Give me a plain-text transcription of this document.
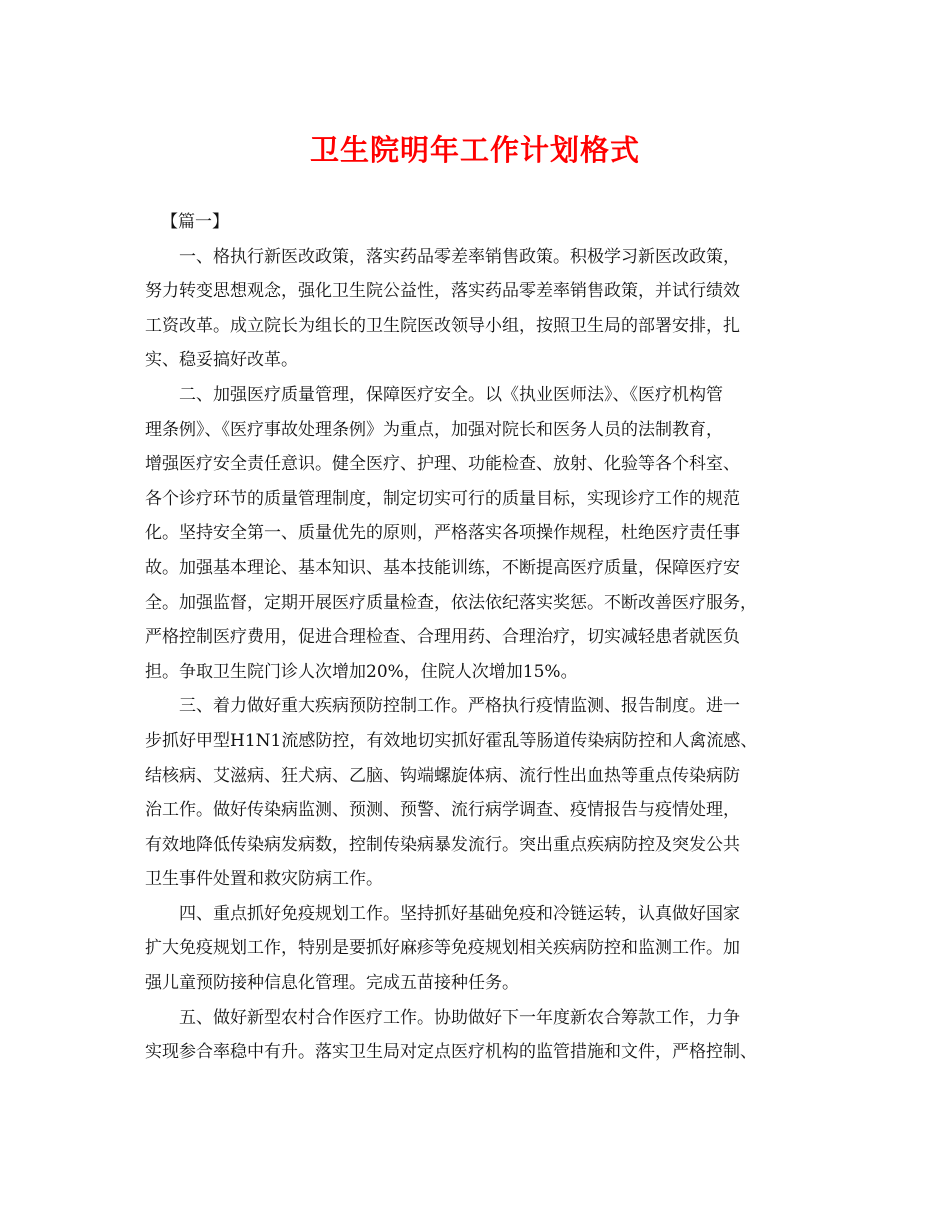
卫生院明年工作计划格式
【篇一】
一、格执行新医改政策，落实药品零差率销售政策。积极学习新医改政策，
努力转变思想观念，强化卫生院公益性，落实药品零差率销售政策，并试行绩效
工资改革。成立院长为组长的卫生院医改领导小组，按照卫生局的部署安排，扎
实、稳妥搞好改革。
二、加强医疗质量管理，保障医疗安全。以《执业医师法》、《医疗机构管
理条例》、《医疗事故处理条例》为重点，加强对院长和医务人员的法制教育，
增强医疗安全责任意识。健全医疗、护理、功能检查、放射、化验等各个科室、
各个诊疗环节的质量管理制度，制定切实可行的质量目标，实现诊疗工作的规范
化。坚持安全第一、质量优先的原则，严格落实各项操作规程，杜绝医疗责任事
故。加强基本理论、基本知识、基本技能训练，不断提高医疗质量，保障医疗安
全。加强监督，定期开展医疗质量检查，依法依纪落实奖惩。不断改善医疗服务，
严格控制医疗费用，促进合理检查、合理用药、合理治疗，切实减轻患者就医负
担。争取卫生院门诊人次增加20%，住院人次增加15%。
三、着力做好重大疾病预防控制工作。严格执行疫情监测、报告制度。进一
步抓好甲型H1N1流感防控，有效地切实抓好霍乱等肠道传染病防控和人禽流感、
结核病、艾滋病、狂犬病、乙脑、钩端螺旋体病、流行性出血热等重点传染病防
治工作。做好传染病监测、预测、预警、流行病学调查、疫情报告与疫情处理，
有效地降低传染病发病数，控制传染病暴发流行。突出重点疾病防控及突发公共
卫生事件处置和救灾防病工作。
四、重点抓好免疫规划工作。坚持抓好基础免疫和冷链运转，认真做好国家
扩大免疫规划工作，特别是要抓好麻疹等免疫规划相关疾病防控和监测工作。加
强儿童预防接种信息化管理。完成五苗接种任务。
五、做好新型农村合作医疗工作。协助做好下一年度新农合筹款工作，力争
实现参合率稳中有升。落实卫生局对定点医疗机构的监管措施和文件，严格控制、
